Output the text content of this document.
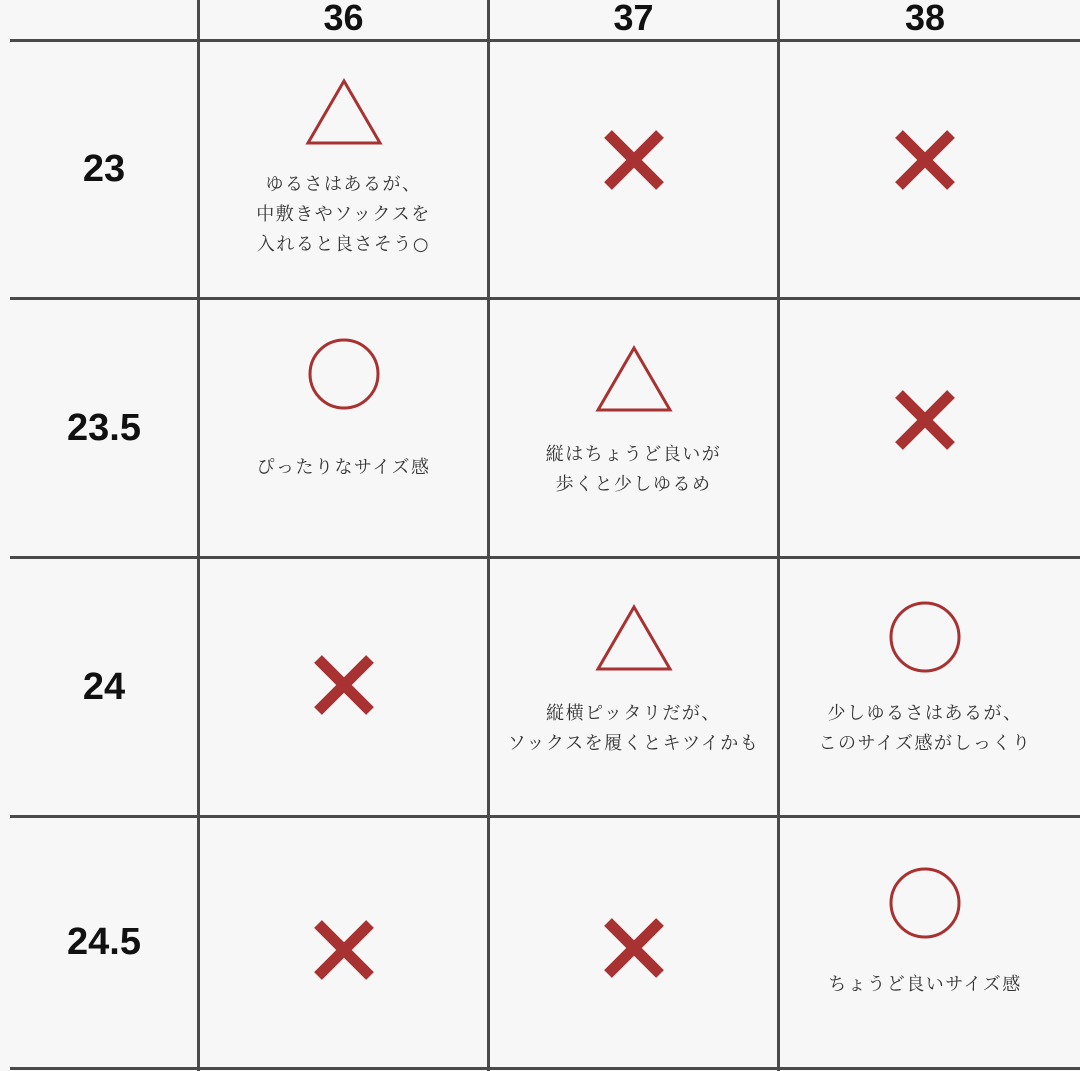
36	37	38
23
23.5
24
24.5
ゆるさはあるが、
中敷きやソックスを
入れると良さそう○
ぴったりなサイズ感
縦はちょうど良いが
歩くと少しゆるめ
縦横ピッタリだが、
ソックスを履くとキツイかも
少しゆるさはあるが、
このサイズ感がしっくり
ちょうど良いサイズ感
